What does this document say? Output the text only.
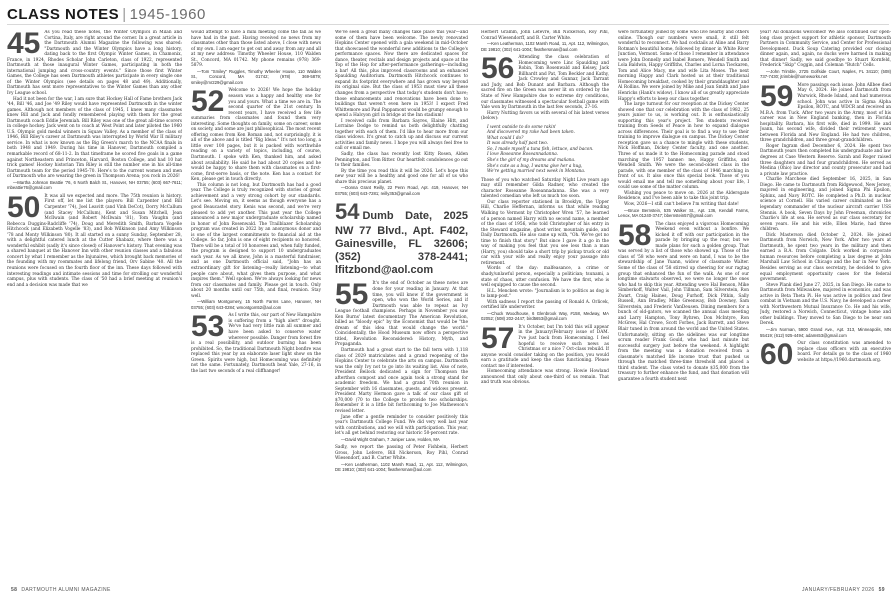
CLASS NOTES | 1945-1960
45 As you read these notes, the Winter Olympics in Milan and Cortina, Italy, are right around the corner. In a great article in the Dartmouth Alumni Magazine the following was shared: "Dartmouth and the Winter Olympics have a long history, dating back to the first Olympic Winter Games, in Chamonix, France, in 1924, Rhodes Scholar John Carleton, class of 1922, represented Dartmouth at those inaugural Winter Games, participating in both the international jumping and cross-country events." Since those first Winter Games, the College has seen Dartmouth athletes participate in every single one of the Winter Olympics (see details on pages 48 and 49). Additionally, Dartmouth has sent more representatives to the Winter Games than any other Ivy League school.

Had it not been for the war, I am sure that Hockey Hall of Fame brothers Jack '44, Bill '46, and Joe '49 Riley would have represented Dartmouth in the winter games. Although not members of the class of 1945, I knew many classmates knew Bill and Jack and fondly remembered playing with them for the great Dartmouth coach Eddie Jeremiah. Bill Riley was one of the great all-time scorers in college hockey. Jack went on to coach at West Point and later piloted the 1960 U.S. Olympic gold medal winners in Squaw Valley. As a member of the class of 1946, Bill Riley's career at Dartmouth was interrupted by World War II military service. In what is now known as the Big Green's march to the NCAA finals in both 1948 and 1949. During his time in Hanover, Dartmouth compiled a remarkable record of 68-11-2. In that timeframe he scored five goals in a game against Northeastern and Princeton, Harvard, Boston College, and had 10 hat trick games! Hockey historian Tim Riley is still the number one in his all-time Dartmouth team for the period 1945-70. Here's to the current women and men of Dartmouth who are wearing the green in Thompson Arena; you rock in 2026!

—Martha Johnson Beattie '76, 6 North Balch St., Hanover, NH 03755; (603) 667-7611; mbeattie76@gmail.com

50 It was all we expected and more. The 75th reunion is history. First off, let me list the players: Bill Carpenter (and Bill Carpenter '74), Joel Leavitt (and Vinh DeCot), Dorry McCallum (and Stacey McCallum), Kent and Susan Mitchell, Jean McIlwain (and Robert McIlwain '81), Tom Vaughn (and Rebecca Duggins-Radcliffe '74), Doug and Meredith Smith, Barbara Vogelle Hitchcock (and Elizabeth Vogelle '83), and Bob Wilkinson (and Amy Wilkinson '78 and Monty Wilkinson '80). It all started on a sunny Sunday, September 28, with a delightful catered lunch at the Cutter Shabazz, where there was a wonderful exhibit (sadly it's since closed) of Hanover's history. That evening was a shared banquet at the Hanover Inn with other reunion classes and a fabulous concert by what I remember as the Injunaires, which brought back memories of the founding with my roommates and lifelong friend, Orv Sabine '40. All the reunions were focused on the fourth floor of the inn. These days followed with interesting readings and intimate sessions and time for strolling our wonderful campus, plus with students. The class of '50 had a brief meeting at reunion's end and a decision was made that we

would attempt to have a mini meeting come the fall as we have had in the past. Having received no news from my classmates other than those listed above, I close with news of my own. I am eager to get out and away from any and all at my new address: Timothy Wheeler House, 110 Walden St., Concord, MA 01742. My phone remains (978) 369-5879.

—Tom "Smiley" Ruggles, Timothy Wheeler House, 110 Walden St., Concord, MA 01742; (978) 369-5879; smiley@mr229@gmail.com

52 Welcome to 2026! We hope the holiday season was a happy and healthy one for you and yours. What a time we are in. The second quarter of the 21st century. In recent years, I have received a few life summaries from classmates and found them very interesting. Some thoughts on family, some on career, some on society, and some are just philosophical. The most recent offering comes from Ken Roman and, not surprisingly, it is all of the above and is titled "Big Ideas." It's not too long, a little over 100 pages, but it is packed with worthwhile reading on a variety of topics, including, of course, Dartmouth. I spoke with Ken, thanked him, and asked about availability. He said he had about 20 copies and he would be happy to share them with classmates on a first-come, first-serve basis, or the note. Ken has a contact for Ken, please get in touch directly.

This column is not long, but Dartmouth has had a good year. The College is truly recognized with stories of great achievement and a very strong cohort by our standards. Let's see. Moving on, it seems as though everyone has a good Beaucastel story. Kenis was second, and we're very pleased to add yet another. This past year the College announced a new major undergraduate scholarship named in honor of John Rosenwald. The Trailblazer Scholarship program was created in 2022 by an anonymous donor and is one of the largest commitments to financial aid at the College. So far, John is one of eight recipients so honored. There will be a total of 10 honorees and, when fully funded, the program is designed to support 10 undergraduates each year. As we all know, John is a masterful fundraiser, and as one Dartmouth official said, "John has an extraordinary gift for listening—really listening—to what people care about, what gives them purpose, and what inspires them." Well spoken. We're always looking for news from our classmates and family. Please get in touch. Only about 20 months until our 75th, and final, reunion. Stay well.

—William Montgomery, 15 North Farms Lane, Hanover, NH 03755; (603) 643-0284; wmontgom52@aol.com

53 As I write this, our part of New Hampshire is suffering from a "high alert" drought. We've had very little rain all summer and have been asked to conserve water wherever possible. Danger from forest fire is a real possibility, and outdoor burning has been prohibited. So, the traditional Dartmouth Night bonfire was replaced this year by an elaborate laser light show on the Green. Spirits were high, but Homecoming was definitely not the same. Fortunately, Dartmouth beat Yale, 27-16, in the last two seconds of a real cliffhanger!

We've seen a great many changes take place this year—and some of them have been welcome. The newly renovated Hopkins Center opened with a gala weekend in mid-October that showcased the wonderful new additions to the College's performance spaces. Now there are dedicated spaces for dance, theater, recitals and design projects and space at the Top of the Hop for after-performance gatherings—including a bar! All this, plus improved classrooms and an enhanced Spaulding Auditorium. Dartmouth Hitchcock continues to expand its footprint everywhere and has grown way beyond its original size. But the class of 1953 must view all these changes from a perspective that today's students don't have; those enhancements and renovations have been done to buildings that weren't even here in 1953! I expect Fred Whittemore and Paul Pappamont would be grumpy enough to spend a Halcyon girl in bridge at the Inn stadium!

I received calls from Barbara Sayres, Elaine Hitt, and Lorraine Dodge to remind us both delightfully chatting together with each of them. I'd like to hear more from our class widows. It's great to catch up and discuss our current activities and family news. I hope you will always feel free to call or email me.

Sadly, the class has recently lost Kitty Rosen, Alden Pennington, and Tom Ritter. Our heartfelt condolences go out to their families.

By the time you read this it will be 2026. Let's hope this new year will be a healthy and good one for all of us who share this precious planet.

—Donna Grant Reilly, 22 Penn Road, Apt. 419, Hanover, NH 03755; (603) 643-7281; reilly353@gmail.com

54 Dumb Date, 2025 NW 77 Blvd., Apt. F402, Gainesville, FL 32606; (352) 378-2441; lfitzbond@aol.com
55 It's the end of October as these notes are done for your reading in January. At that time, you will know if the government is open, who won the World Series, and if Dartmouth was able to repeat as Ivy League football champions. Perhaps in November you saw Ken Burns' latest documentary The American Revolution, billed as "bloody epic" by the Economist that would be "the dream of this idea that would change the world." Coincidentally, the Hood Museum now offers a perspective titled, Revolution Reconsidered: History, Myth, and Propaganda.

Dartmouth had a great start to the fall term with 1,118 class of 2029 matriculates and a grand reopening of the Hopkins Center to celebrate the arts on campus. Dartmouth was the only Ivy not to go into its waiting list. Also of note, President Beilock dedicated a sign for Thompson the afterthon compost and once again took a strong stand for academic freedom. We had a grand 70th reunion in September with 16 classmates, guests, and widows present. President Marty Hermon gave a talk of our class gift of $70,000 (70 to the College to provide two scholarships. Remember it is a little bit forthcoming to Joe Mathewson's revised letter.

Jane offer a gentle reminder to consider positively this year's Dartmouth College Fund. We did very well last year with contributions, and we will with participation. This year, let's all get behind restoring our historic 50-percent rate.

—David Wight Graham, 7 Juniper Lane, Holden, MA

Sadly, we report the passing of Peter Fishbein, Herbert Gross, John Lefevre, Bill Nickerson, Roy Pihl, Conrad Wiesendorf, and B. Carter White.

—Ken Leatherman, 1102 Marsh Road, 11, Apt. 112, Wilmington, DE 19810; (302) 641-1004; fleathersman@aol.com

Herbert Gramm, John Lefevre, Bill Nickerson, Roy Pihl, Conrad Wiesendorff, and B. Carter White.

—Ken Leatherman, 1102 Marsh Road, 11, Apt. 112, Wilmington, DE 19810; (302) 641-1004; fleathersman@aol.com

56 Attending the class celebration of Homecoming were Linc Spaulding and Robin, Tom Rosenwald and Kelsey, Jack Billhardt and Pat, Tom Beckler and Kathy, Jack Crowley and Gunnar, Jack Tarrant and Judy, and Bob Dunant and Barbara. Although the sacred fire on the Green was never lit on ordered by the State of New Hampshire due to extreme dry conditions, our classmates witnessed a spectacular football game with Yale won by Dartmouth in the last few seconds, 27-16.

Harry Nutting favors us with several of his latest verses (below):

I went outside to do some rakin'
And discovered my rake had been taken.
What could I do?
It was already half past two.
So, I made myself a tuna fish, lettuce, and bacon.
I love Roseanne Roseannadanna.
She's the girl of my dreams and mañana.
She's cute as a bug, I wanna give her a hug,
We're getting married next week in Montana.

Those of you who watched Saturday Night Live years ago may still remember Gilda Radner, who created the character Roseanne Roseannadanna. She was a very talented comedian who left us much too soon.

Our class reporter stationed in Brooklyn, the Upper Hill, Charlie Heffernan, informs us that while reading Walking to Vermont by Christopher Wren '57, he learned of a person named Harry with no second name, a member of the class of 1956, who told Christopher of his entry in the Steward magazine, ghost writer, mountain guide, and Daily Dartmouth. He also came up with, "Oh. We've got no time to finish that story." But since I gave it a go in the way of making you feel that you see less than a man (Harry, you) should take a short trip by pickup truck or old car with your wife and really enjoy your passage into retirement.

Words of the day: malfeasance, a crime or shady/unlawful person, especially a politician; tsunami, a state of chaos, utter confusion. We have the first, who is well equipped to cause the second.

H.L. Mencken wrote: "Journalism is to politics as dog is to lamp-post."

With sadness I report the passing of Ronald A. Orlicek, certified life underwriter.

—Chuck Woodhouse, 6 Glenbrook Way, #158, Medway, MA 02052; (508) 202-2447; bird5653@gmail.com

57 It's October, but I'm told this will appear in the January/February issue of DAM. I've just back from Homecoming. I feel hopeful to receive such news as Christmas or a nice 7 Oct-class rebuild. If anyone would consider taking on the position, you would earn a gratitude and keep the class functioning. Please contact me if interested.

Homecoming attendance was strong. Howie Howland announced that only about one-third of us remain. That and truth was obvious.

were fortunately joined by some who live nearby and others online. Though our numbers were small, it still felt wonderful to reconnect. We had cocktails at Aline and Barry Rotman's beautiful home, followed by dinner in White River Junction, Vermont. Some of those I remember in attendance were John Donnelly and Isabel Romero, Wendell Smith and Lola Baldwin, Happy Griffiths, Charles and Lorna Tieckaren, Tom and Alice Macy, me and wife Lita Moses. The next morning Happy and Clark hosted us at their traditional Homecoming breakfast, cooked by their granddaughter and Al Rollins. We were joined by Mike and Joan Smith and Jane Henricks (Hank's widow). I know all of us greatly appreciate Happy's efforts to keep our class together.

The large turnout for our reception at the Dickey Center showed one that our celebration with the class of 1982, 25 years junior to us, is working out. It is enthusiastically supporting this year's project. Ten students received training from Seeds of Peace in how to expand dialogue across differences. Their goal is to find a way to use their training to improve dialogue on campus. The Dickey Center reception gave us a chance to mingle with these students, Nick Hoffman, Dickey Center faculty, and one another. Three of us made it to the Homecoming parade and stood marching the 1957 banner: me, Happy Griffiths, and Wendell Smith. We were the second-oldest class in the parade, with one member of the class of 1946 marching in front of us. It also once this special book. Those of you would email me and tell me something about your life, I could use some of the matter column.

Wishing you peace to move on. 2026 at the Aldersgate Residence, and I've been able to take this joint trip.

Wow, 2026—I still can't believe I'm writing that date!

—Bruce Bernstein, 535 Walker St., Apt. 136, Kendall Farms, Lenox, MA 01240-3747; bbernstein57@gmail.com

58 The class enjoyed a vigorous Homecoming Weekend even without a bonfire. We kicked it off with our participation in the parade by bringing up the rear, but we made plans for such a golden group. That was served by a list of those who showed up. Those of the class of '58 who were and were on hand, I was to be the stewardship of Jane Yuann, widow of classmate Walter. Some of the class of '58 stirred up cheering for our ragtag group that enhanced the fun of the walk. As one of our longtime stalwarts observed, we were no longer the ones who had to skip this year. Attending were Hal Benson, Mike Simberkoff, Walter Vail, John Tillman, Sam Silverstein, Ron Zwart, Craig Haines, Doug Furhoff, Dick Pitkin, Sally Russell, Ann Bradley, Mike Greenway, Bob Downey, Sam Silverstein, and Frederic VanDeusen. Dining members for a bunch of old-gators, we scanned the annual class meeting and Larry Hampton, Tony Ryhren, Don McIntyre, Ron McGrew, Hal Crowe, Scott Forbes, Jack Barrett, and Steve Blair tuned in from around the world and the United States. Unfortunately, sitting on the sidelines was our longtime scrum reader Frank Gould, who had last minute but successful surgery just before the weekend. A highlight from the meeting was a donation received from a classmate's matched life income trust that pushed us through the matched three-time threshold and placed a third student. The class voted to donate $35,000 from the treasury to further enhance the fund, and that donation will guarantee a fourth student next

year! All donations welcomed! We also continued our open-long class project support for athletic sponsor, Dartmouth Partners in Community Service, and Center for Professional Development. Duck Soup Catering provided our closing dinner again, and, again, no ducks were harmed in making that dinner! Sadly, we said goodbye to Stuart Kornfeld, Frederick "Skip" Coggin, and Coleman "Butch" Cells.

—John Trimble, 2725 Golfside Court, Naples, FL 34110; (508) 737-7430; jtrimble@homeworks.net

59 More passings each issue. John Allbee died May 6, 2024. He joined Dartmouth from Warwick, Rhode Island, and had numerous school. John was active in Sigma Alpha Epsilon, ROTC, and WDCR and received an M.B.A. from Tuck. After two years in the Army, most of his career was in New England banking, then in Florida hospitality. Barbara, his first wife, died in 1999. He and Joann, his second wife, divided their retirement years between Florida and New England. He had two children, three grandchildren, and three great-grandchildren.

Roger Ingram died December 6, 2024. He spent two Dartmouth years then completed his undergraduate and law degrees at Case Western Reserve. Sarah and Roger raised three daughters and had four grandchildren. He served as Medina (Ohio) law director and county prosecutor and had a private law practice.

Charlie Marchese died September 16, 2025, in San Diego. He came to Dartmouth from Ridgewood, New Jersey, majored in engineering, and joined Sigma Phi Epsilon, Sphinx, and Navy ROTC. He completed a Ph.D. in nuclear science at Cornell. His varied career culminated as the legendary commander of the nuclear aircraft carrier USS Stennis. A book, Seven Days by John Freeman, chronicles Charlie's life at sea. He served as our class secretary for seven years. He and his wife, Ellen Marie, had three children.

Dick Masterson died October 2, 2024. He joined Dartmouth from Norwich, New York. After two years at Dartmouth, he spent two years in the military and then earned a B.A. from Colgate. Dick worked in corporate human resources before completing a law degree at John Marshall Law School in Chicago and the bar in New York. Besides serving as our class secretary, he decided to give equal employment opportunity cases for the federal government.

Steve Plank died June 27, 2025, in San Diego. He came to Dartmouth from Milwaukee, majored in economics, and was active in Beta Theta Pi. He was active in politics and flew combat in Vietnam and the U.S. Navy, he developed a career with Northwestern Mutual Insurance Co. He and his wife, Judy, restored a Norwich, Connecticut, vintage home and other buildings. They moved to San Diego to be near son Derek.

—Jim Norman, 5900 Grand Ave., Apt. 313, Minneapolis, MN 55419; (612) 925-4494; adams53@gmail.com

60 Our class constitution was amended to replace class officers with an executive board. For details go to the class of 1960 website at https://1960.dartmouth.org.

58 DARTMOUTH ALUMNI MAGAZINE	JANUARY/FEBRUARY 2026 59
